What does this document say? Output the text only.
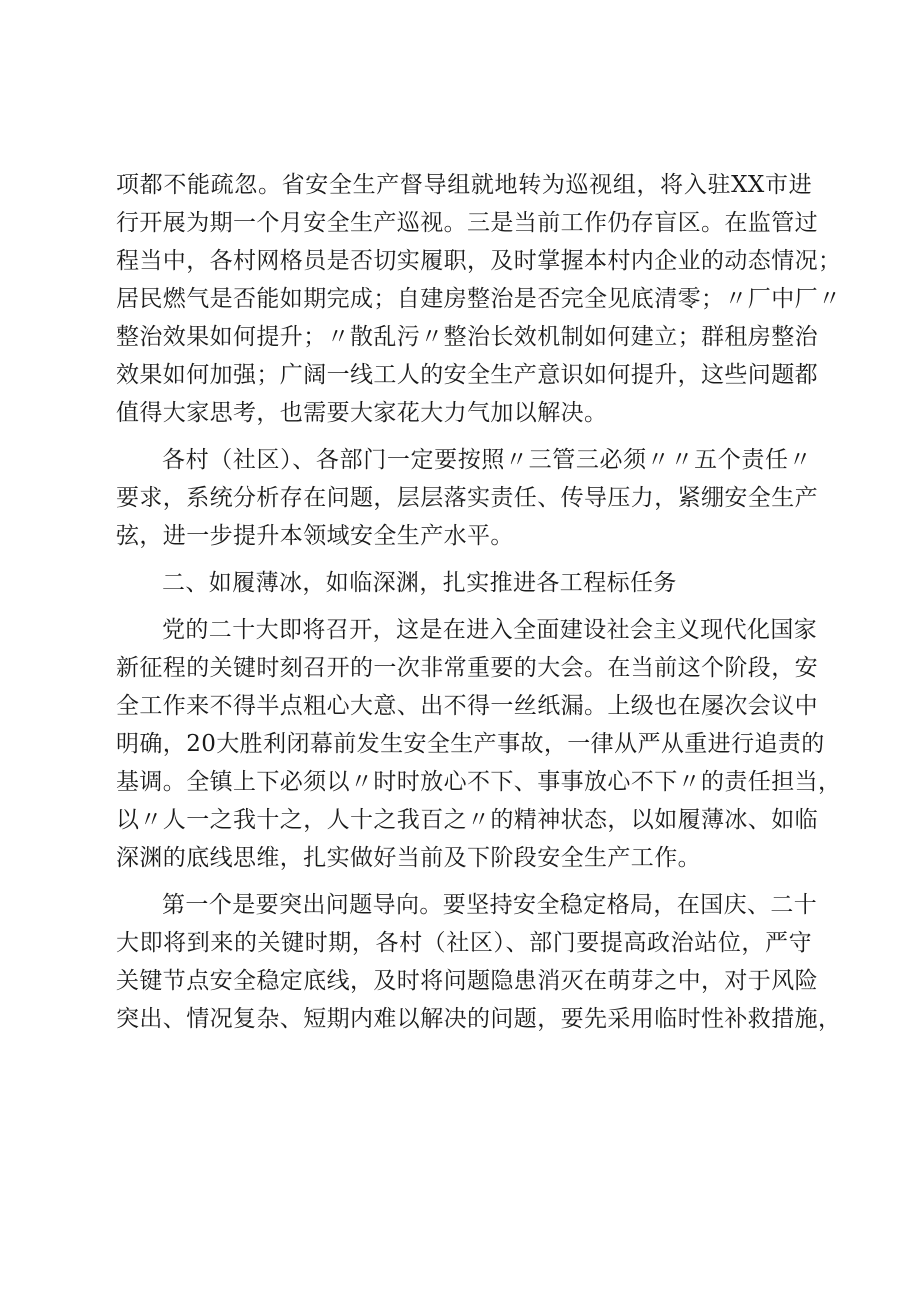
项都不能疏忽。省安全生产督导组就地转为巡视组，将入驻XX市进
行开展为期一个月安全生产巡视。三是当前工作仍存盲区。在监管过
程当中，各村网格员是否切实履职，及时掌握本村内企业的动态情况；
居民燃气是否能如期完成；自建房整治是否完全见底清零；〃厂中厂〃
整治效果如何提升；〃散乱污〃整治长效机制如何建立；群租房整治
效果如何加强；广阔一线工人的安全生产意识如何提升，这些问题都
值得大家思考，也需要大家花大力气加以解决。
各村（社区）、各部门一定要按照〃三管三必须〃〃五个责任〃
要求，系统分析存在问题，层层落实责任、传导压力，紧绷安全生产
弦，进一步提升本领域安全生产水平。
二、如履薄冰，如临深渊，扎实推进各工程标任务
党的二十大即将召开，这是在进入全面建设社会主义现代化国家
新征程的关键时刻召开的一次非常重要的大会。在当前这个阶段，安
全工作来不得半点粗心大意、出不得一丝纸漏。上级也在屡次会议中
明确，20大胜利闭幕前发生安全生产事故，一律从严从重进行追责的
基调。全镇上下必须以〃时时放心不下、事事放心不下〃的责任担当，
以〃人一之我十之，人十之我百之〃的精神状态，以如履薄冰、如临
深渊的底线思维，扎实做好当前及下阶段安全生产工作。
第一个是要突出问题导向。要坚持安全稳定格局，在国庆、二十
大即将到来的关键时期，各村（社区）、部门要提高政治站位，严守
关键节点安全稳定底线，及时将问题隐患消灭在萌芽之中，对于风险
突出、情况复杂、短期内难以解决的问题，要先采用临时性补救措施，
